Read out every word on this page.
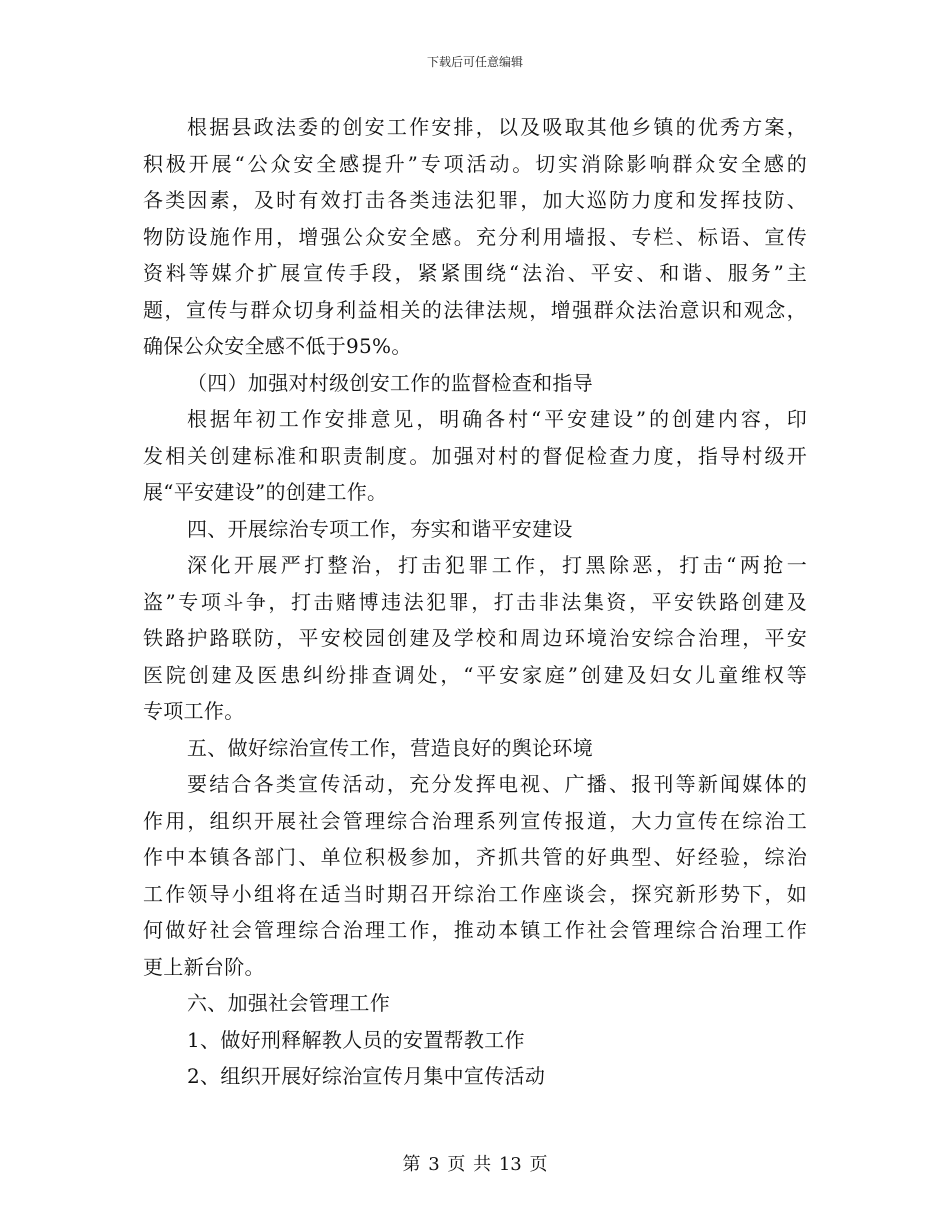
下载后可任意编辑
根据县政法委的创安工作安排，以及吸取其他乡镇的优秀方案，
积极开展“公众安全感提升”专项活动。切实消除影响群众安全感的
各类因素，及时有效打击各类违法犯罪，加大巡防力度和发挥技防、
物防设施作用，增强公众安全感。充分利用墙报、专栏、标语、宣传
资料等媒介扩展宣传手段，紧紧围绕“法治、平安、和谐、服务”主
题，宣传与群众切身利益相关的法律法规，增强群众法治意识和观念，
确保公众安全感不低于95%。
（四）加强对村级创安工作的监督检查和指导
根据年初工作安排意见，明确各村“平安建设”的创建内容，印
发相关创建标准和职责制度。加强对村的督促检查力度，指导村级开
展“平安建设”的创建工作。
四、开展综治专项工作，夯实和谐平安建设
深化开展严打整治，打击犯罪工作，打黑除恶，打击“两抢一
盗”专项斗争，打击赌博违法犯罪，打击非法集资，平安铁路创建及
铁路护路联防，平安校园创建及学校和周边环境治安综合治理，平安
医院创建及医患纠纷排查调处，“平安家庭”创建及妇女儿童维权等
专项工作。
五、做好综治宣传工作，营造良好的舆论环境
要结合各类宣传活动，充分发挥电视、广播、报刊等新闻媒体的
作用，组织开展社会管理综合治理系列宣传报道，大力宣传在综治工
作中本镇各部门、单位积极参加，齐抓共管的好典型、好经验，综治
工作领导小组将在适当时期召开综治工作座谈会，探究新形势下，如
何做好社会管理综合治理工作，推动本镇工作社会管理综合治理工作
更上新台阶。
六、加强社会管理工作
1、做好刑释解教人员的安置帮教工作
2、组织开展好综治宣传月集中宣传活动
第 3 页 共 13 页
